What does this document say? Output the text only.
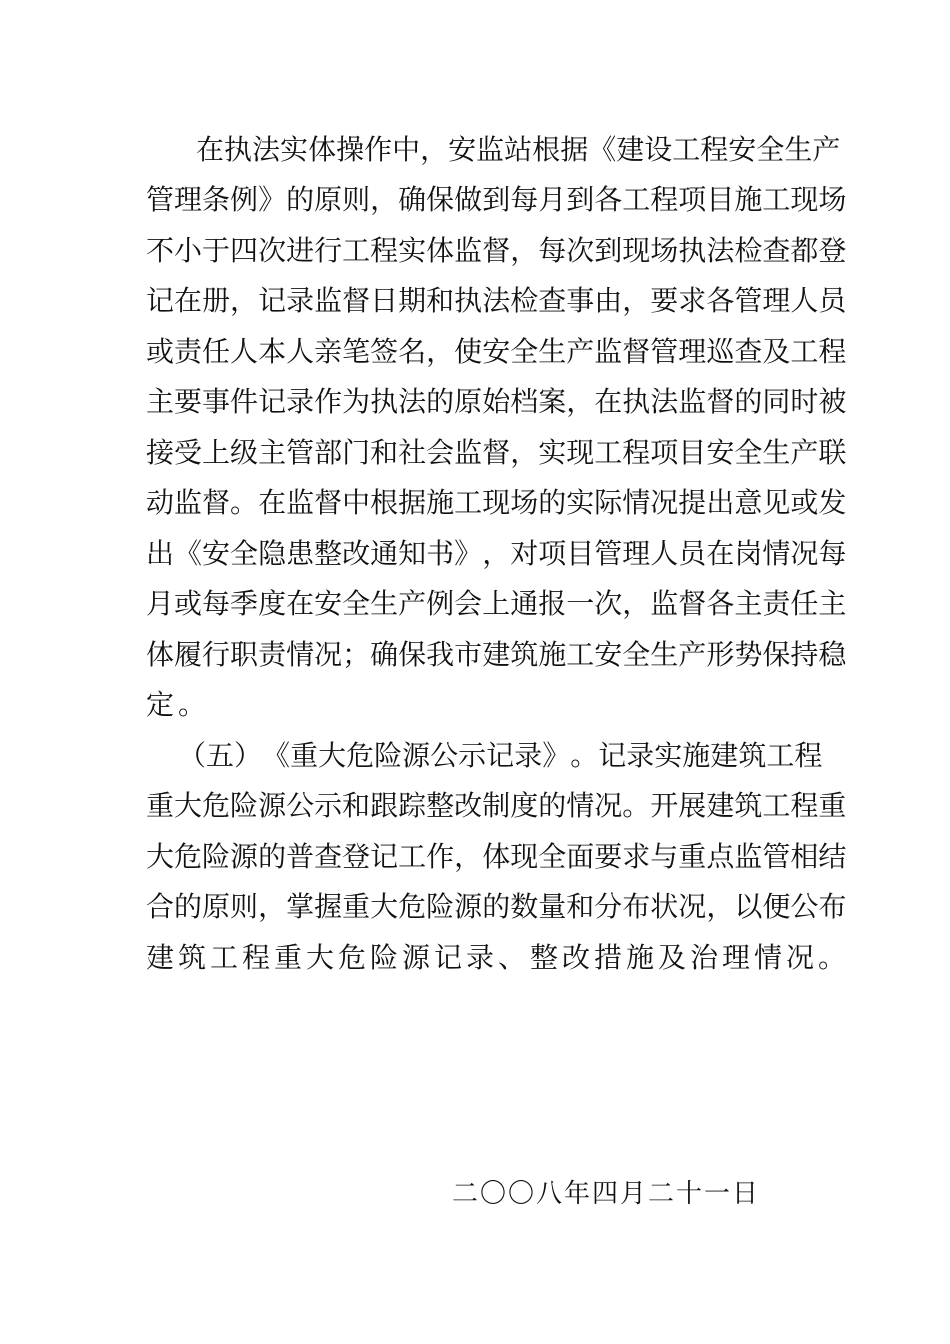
在 执 法 实 体 操 作 中 ， 安 监 站 根 据 《 建 设 工 程 安 全 生 产
管 理 条 例 》 的 原 则 ， 确 保 做 到 每 月 到 各 工 程 项 目 施 工 现 场
不 小 于 四 次 进 行 工 程 实 体 监 督 ， 每 次 到 现 场 执 法 检 查 都 登
记 在 册 ， 记 录 监 督 日 期 和 执 法 检 查 事 由 ， 要 求 各 管 理 人 员
或 责 任 人 本 人 亲 笔 签 名 ， 使 安 全 生 产 监 督 管 理 巡 查 及 工 程
主 要 事 件 记 录 作 为 执 法 的 原 始 档 案 ， 在 执 法 监 督 的 同 时 被
接 受 上 级 主 管 部 门 和 社 会 监 督 ， 实 现 工 程 项 目 安 全 生 产 联
动 监 督 。 在 监 督 中 根 据 施 工 现 场 的 实 际 情 况 提 出 意 见 或 发
出 《 安 全 隐 患 整 改 通 知 书 》 ， 对 项 目 管 理 人 员 在 岗 情 况 每
月 或 每 季 度 在 安 全 生 产 例 会 上 通 报 一 次 ， 监 督 各 主 责 任 主
体 履 行 职 责 情 况 ； 确 保 我 市 建 筑 施 工 安 全 生 产 形 势 保 持 稳
定。
（ 五 ） 《 重 大 危 险 源 公 示 记 录 》 。 记 录 实 施 建 筑 工 程
重 大 危 险 源 公 示 和 跟 踪 整 改 制 度 的 情 况 。 开 展 建 筑 工 程 重
大 危 险 源 的 普 查 登 记 工 作 ， 体 现 全 面 要 求 与 重 点 监 管 相 结
合 的 原 则 ， 掌 握 重 大 危 险 源 的 数 量 和 分 布 状 况 ， 以 便 公 布
建筑工程重大危险源记录、整改措施及治理情况。
二〇〇八年四月二十一日
